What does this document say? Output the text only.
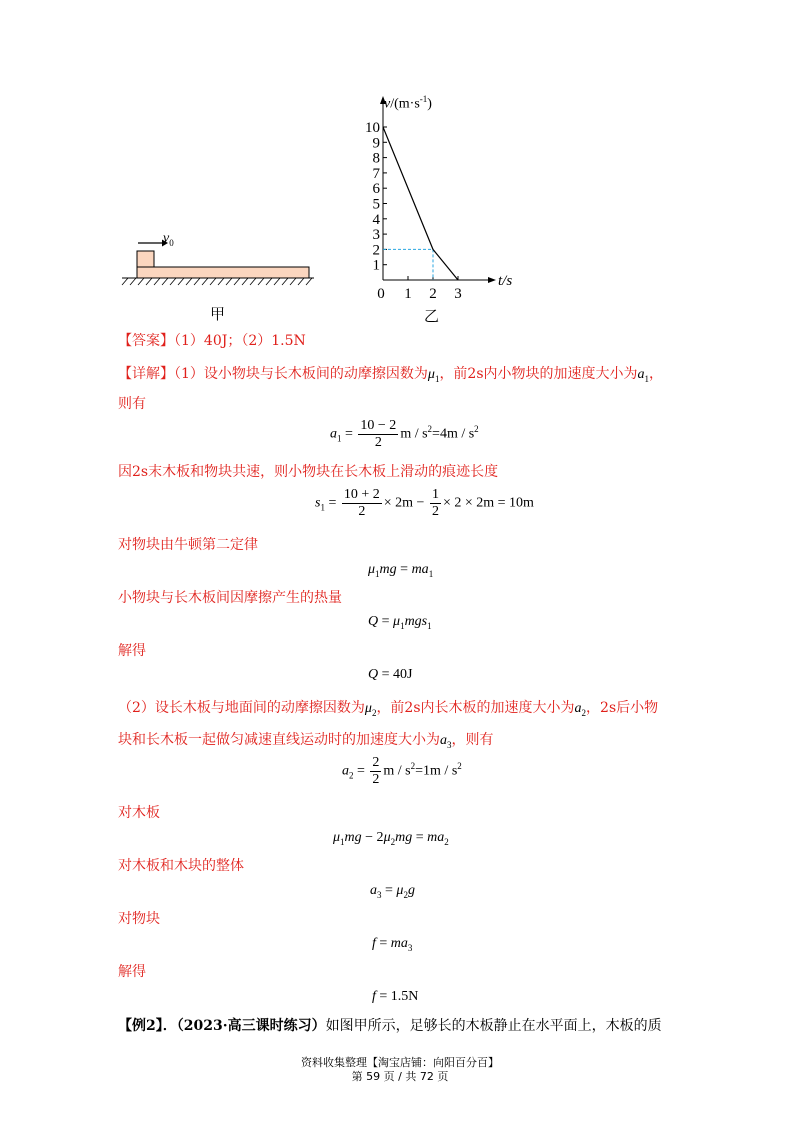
$v_0$
甲
10
9
8
7
6
5
4
3
2
1
0 1 2 3
$v/(m\cdot s^{-1})$
t/s
乙
【答案】（1）40J；（2）1.5N
【详解】（1）设小物块与长木板间的动摩擦因数为$\mu_1$，前2s内小物块的加速度大小为$a_1$，
则有
$a_1 = \frac{10 - 2}{2}$ $m / s^2=4m / s^2$
因2s末木板和物块共速，则小物块在长木板上滑动的痕迹长度
$s_1 = \frac{10 + 2}{2} \times 2m - \frac{1}{2} \times 2 \times 2m = 10m$
对物块由牛顿第二定律
$\mu_1mg = ma_1$
小物块与长木板间因摩擦产生的热量
$Q = \mu_1mgs_1$
解得
Q = 40J
（2）设长木板与地面间的动摩擦因数为$\mu_2$，前2s内长木板的加速度大小为$a_2$，2s后小物
块和长木板一起做匀减速直线运动时的加速度大小为$a_3$，则有
$a_2 = \frac{2}{2}$ $m / s^2=1m / s^2$
对木板
$\mu_1mg - 2\mu_2mg = ma_2$
对木板和木块的整体
$a_3 = \mu_2g$
对物块
$f = ma_3$
解得
f = 1.5N
【例2】．（2023·高三课时练习）如图甲所示，足够长的木板静止在水平面上，木板的质
资料收集整理【淘宝店铺：向阳百分百】
第 59 页 / 共 72 页
